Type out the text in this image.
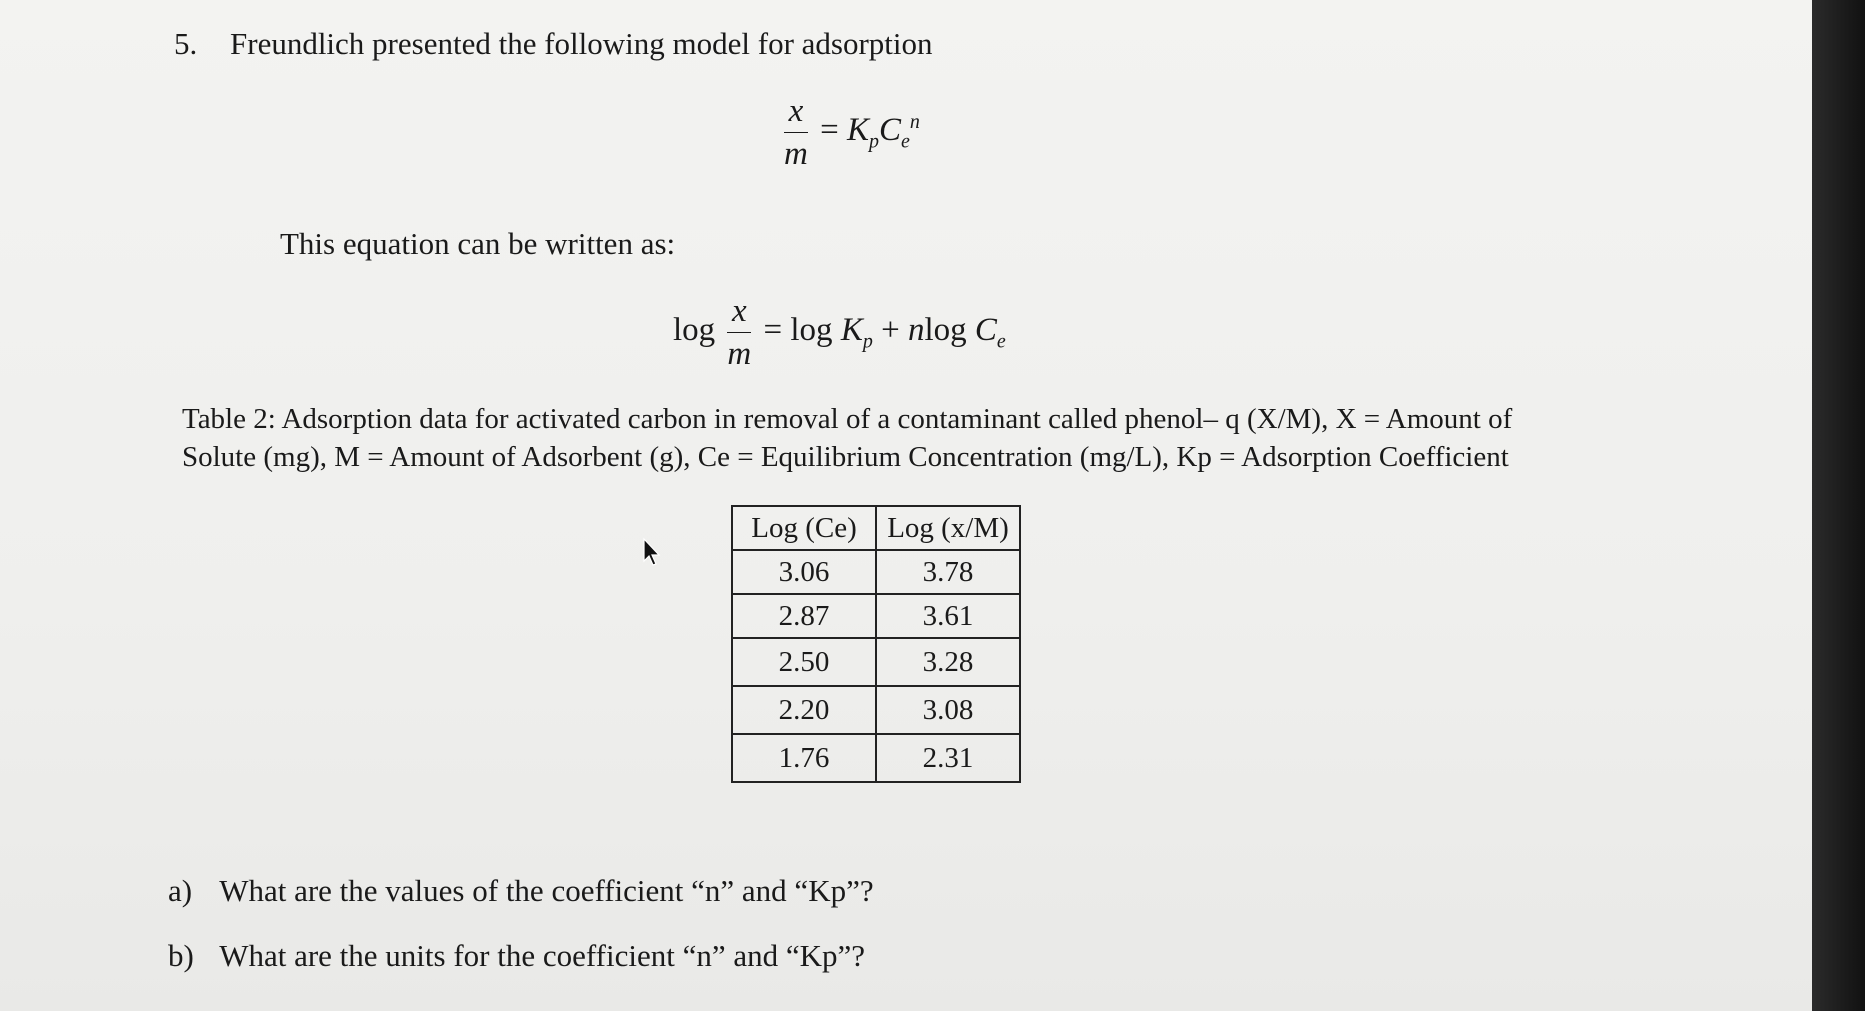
5. Freundlich presented the following model for adsorption
$\frac{x}{m} = K_pC_e^n$
This equation can be written as:
$\log \frac{x}{m} = \log K_p + nlog$ $C_e$
Table 2: Adsorption data for activated carbon in removal of a contaminant called phenol– q (X/M), X = Amount of
Solute (mg), M = Amount of Adsorbent (g), Ce = Equilibrium Concentration (mg/L), Kp = Adsorption Coefficient
Log (Ce)	Log (x/M)
3.06	3.78
2.87	3.61
2.50	3.28
2.20	3.08
1.76	2.31
a) What are the values of the coefficient “n” and “Kp”?
b) What are the units for the coefficient “n” and “Kp”?
